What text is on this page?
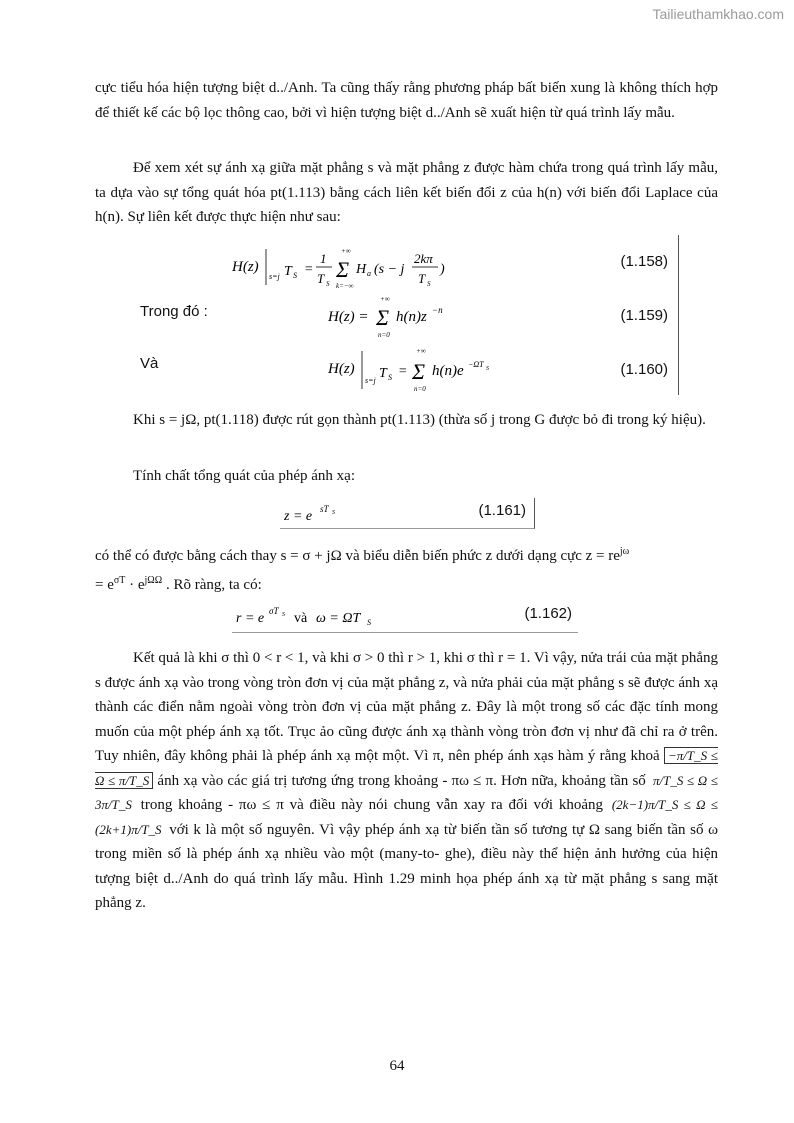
Tailieuthamkhao.com

cực tiểu hóa hiện tượng biệt d../Anh. Ta cũng thấy rằng phương pháp bất biến xung là không thích hợp để thiết kế các bộ lọc thông cao, bởi vì hiện tượng biệt d../Anh sẽ xuất hiện từ quá trình lấy mẫu.

Để xem xét sự ánh xạ giữa mặt phẳng s và mặt phẳng z được hàm chứa trong quá trình lấy mẫu, ta dựa vào sự tổng quát hóa pt(1.113) bằng cách liên kết biến đổi z của h(n) với biến đổi Laplace của h(n). Sự liên kết được thực hiện như sau:

H(z)
s=j T S =
1
T S
+∞
Σ
k=−∞
H a (s − j
2kπ
T S
)	(1.158)
Trong đó :	H(z) =
+∞
Σ
n=0
h(n)z −n	(1.159)
Và	H(z)
s=j T S =
+∞
Σ
n=0
h(n)e −ΩT S	(1.160)

Khi s = jΩ, pt(1.118) được rút gọn thành pt(1.113) (thừa số j trong G được bỏ đi trong ký hiệu).

Tính chất tổng quát của phép ánh xạ:

z = e sT S	(1.161)

có thể có được bằng cách thay s = σ + jΩ và biểu diễn biến phức z dưới dạng cực $z = re^{j\omega}$
= $e^{\sigma T} \cdot e^{j\Omega\Omega}$ . Rõ ràng, ta có:

r = e σT S và ω = ΩT S
(1.162)

Kết quả là khi σ thì 0 < r < 1, và khi σ > 0 thì r > 1, khi σ thì r = 1. Vì vậy, nửa trái của mặt phẳng s được ánh xạ vào trong vòng tròn đơn vị của mặt phẳng z, và nửa phải của mặt phẳng s sẽ được ánh xạ thành các điển nằm ngoài vòng tròn đơn vị của mặt phẳng z. Đây là một trong số các đặc tính mong muốn của một phép ánh xạ tốt. Trục ảo cũng được ánh xạ thành vòng tròn đơn vị như đã chỉ ra ở trên. Tuy nhiên, đây không phải là phép ánh xạ một một. Vì π, nên phép ánh xạs hàm ý rằng khoả −π/T_S ≤ Ω ≤ π/T_S ánh xạ vào các giá trị tương ứng trong khoảng - πω ≤ π. Hơn nữa, khoảng tần số π/T_S ≤ Ω ≤ 3π/T_S trong khoảng - πω ≤ π và điều này nói chung vẫn xay ra đối với khoảng (2k−1)π/T_S ≤ Ω ≤ (2k+1)π/T_S với k là một số nguyên. Vì vậy phép ánh xạ từ biến tần số tương tự Ω sang biến tần số ω trong miền số là phép ánh xạ nhiều vào một (many-to- ghe), điều này thể hiện ảnh hưởng của hiện tượng biệt d../Anh do quá trình lấy mẫu. Hình 1.29 minh họa phép ánh xạ từ mặt phẳng s sang mặt phẳng z.

64
